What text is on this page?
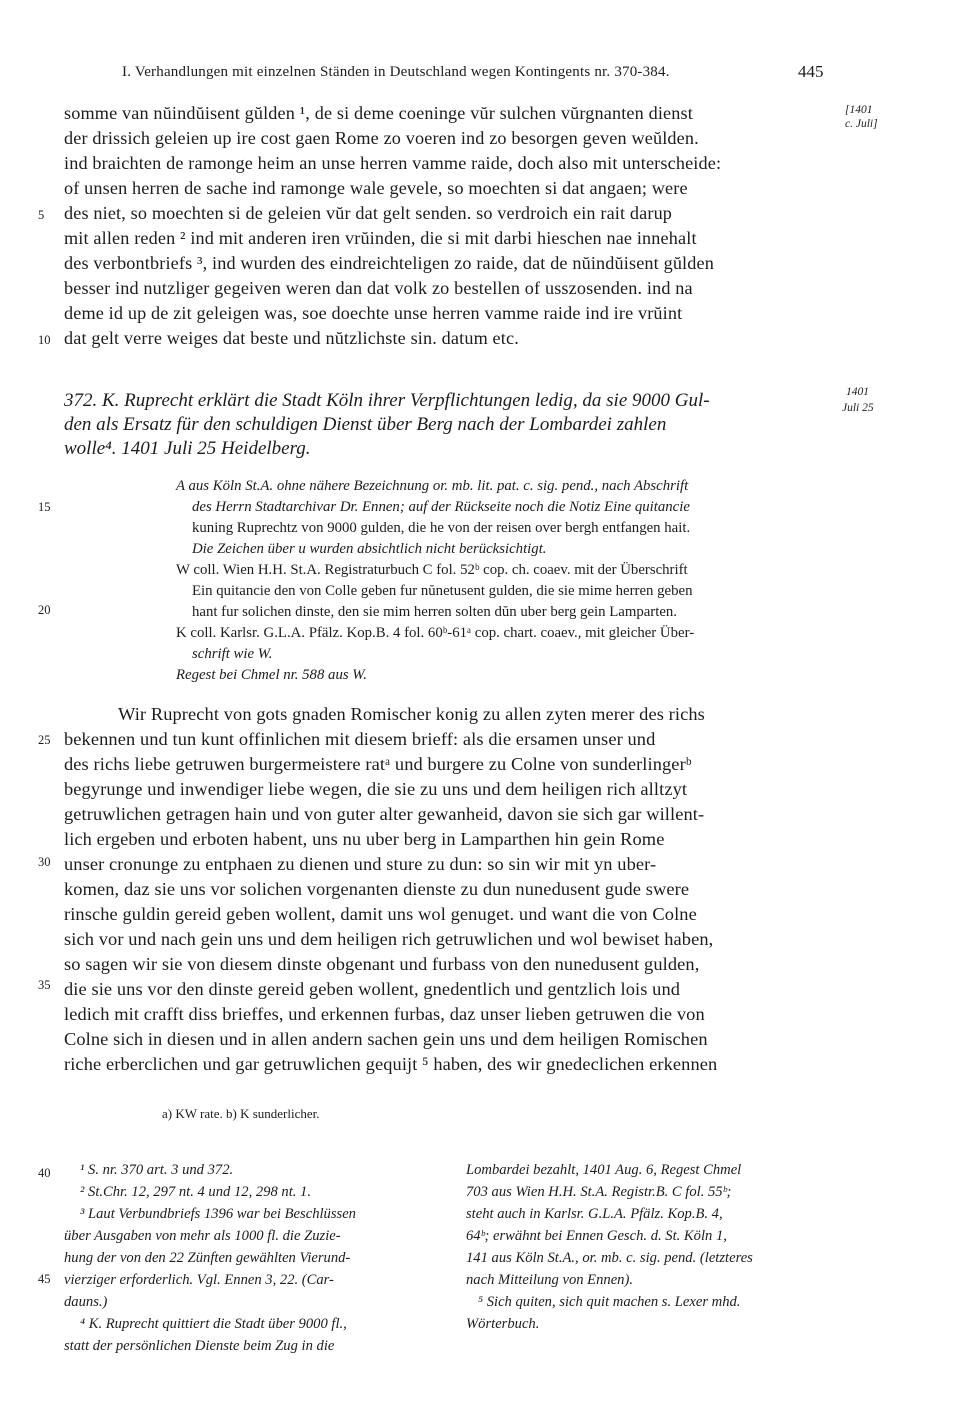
I. Verhandlungen mit einzelnen Ständen in Deutschland wegen Kontingents nr. 370-384.	445
[1401
c. Juli]
somme van nŭindŭisent gŭlden ¹, de si deme coeninge vŭr sulchen vŭrgnanten dienst
der drissich geleien up ire cost gaen Rome zo voeren ind zo besorgen geven weŭlden.
ind braichten de ramonge heim an unse herren vamme raide, doch also mit unterscheide:
of unsen herren de sache ind ramonge wale gevele, so moechten si dat angaen; were
des niet, so moechten si de geleien vŭr dat gelt senden. so verdroich ein rait darup
mit allen reden ² ind mit anderen iren vrŭinden, die si mit darbi hieschen nae innehalt
des verbontbriefs ³, ind wurden des eindreichteligen zo raide, dat de nŭindŭisent gŭlden
besser ind nutzliger gegeiven weren dan dat volk zo bestellen of usszosenden. ind na
deme id up de zit geleigen was, soe doechte unse herren vamme raide ind ire vrŭint
dat gelt verre weiges dat beste und nŭtzlichste sin. datum etc.
5
10
15
20
25
30
35
40
45
372. K. Ruprecht erklärt die Stadt Köln ihrer Verpflichtungen ledig, da sie 9000 Gul-
den als Ersatz für den schuldigen Dienst über Berg nach der Lombardei zahlen
wolle⁴. 1401 Juli 25 Heidelberg.
1401
Juli 25
A aus Köln St.A. ohne nähere Bezeichnung or. mb. lit. pat. c. sig. pend., nach Abschrift
des Herrn Stadtarchivar Dr. Ennen; auf der Rückseite noch die Notiz Eine quitancie
kuning Ruprechtz von 9000 gulden, die he von der reisen over bergh entfangen hait.
Die Zeichen über u wurden absichtlich nicht berücksichtigt.
W coll. Wien H.H. St.A. Registraturbuch C fol. 52ᵇ cop. ch. coaev. mit der Überschrift
Ein quitancie den von Colle geben fur nŭnetusent gulden, die sie mime herren geben
hant fur solichen dinste, den sie mim herren solten dŭn uber berg gein Lamparten.
K coll. Karlsr. G.L.A. Pfälz. Kop.B. 4 fol. 60ᵇ-61ᵃ cop. chart. coaev., mit gleicher Über-
schrift wie W.
Regest bei Chmel nr. 588 aus W.
Wir Ruprecht von gots gnaden Romischer konig zu allen zyten merer des richs
bekennen und tun kunt offinlichen mit diesem brieff: als die ersamen unser und
des richs liebe getruwen burgermeistere ratᵃ und burgere zu Colne von sunderlingerᵇ
begyrunge und inwendiger liebe wegen, die sie zu uns und dem heiligen rich alltzyt
getruwlichen getragen hain und von guter alter gewanheid, davon sie sich gar willent-
lich ergeben und erboten habent, uns nu uber berg in Lamparthen hin gein Rome
unser cronunge zu entphaen zu dienen und sture zu dun: so sin wir mit yn uber-
komen, daz sie uns vor solichen vorgenanten dienste zu dun nunedusent gude swere
rinsche guldin gereid geben wollent, damit uns wol genuget. und want die von Colne
sich vor und nach gein uns und dem heiligen rich getruwlichen und wol bewiset haben,
so sagen wir sie von diesem dinste obgenant und furbass von den nunedusent gulden,
die sie uns vor den dinste gereid geben wollent, gnedentlich und gentzlich lois und
ledich mit crafft diss brieffes, und erkennen furbas, daz unser lieben getruwen die von
Colne sich in diesen und in allen andern sachen gein uns und dem heiligen Romischen
riche erberclichen und gar getruwlichen gequijt ⁵ haben, des wir gnedeclichen erkennen
a) KW rate. b) K sunderlicher.
¹ S. nr. 370 art. 3 und 372.
² St.Chr. 12, 297 nt. 4 und 12, 298 nt. 1.
³ Laut Verbundbriefs 1396 war bei Beschlüssen
über Ausgaben von mehr als 1000 fl. die Zuzie-
hung der von den 22 Zünften gewählten Vierund-
vierziger erforderlich. Vgl. Ennen 3, 22. (Car-
dauns.)
⁴ K. Ruprecht quittiert die Stadt über 9000 fl.,
statt der persönlichen Dienste beim Zug in die
Lombardei bezahlt, 1401 Aug. 6, Regest Chmel
703 aus Wien H.H. St.A. Registr.B. C fol. 55ᵇ;
steht auch in Karlsr. G.L.A. Pfälz. Kop.B. 4,
64ᵇ; erwähnt bei Ennen Gesch. d. St. Köln 1,
141 aus Köln St.A., or. mb. c. sig. pend. (letzteres
nach Mitteilung von Ennen).
⁵ Sich quiten, sich quit machen s. Lexer mhd.
Wörterbuch.
